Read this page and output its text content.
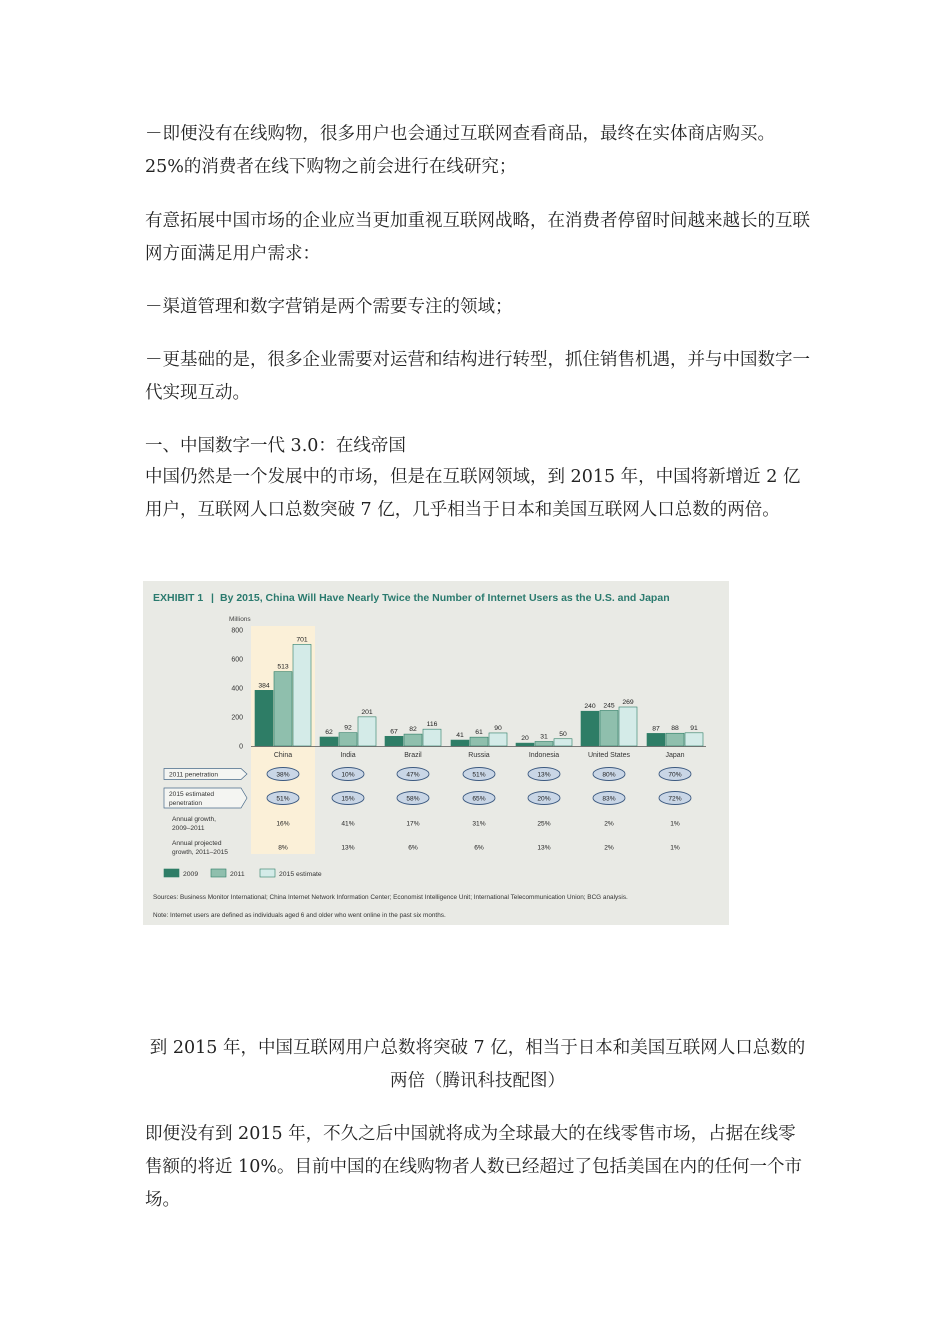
－即便没有在线购物，很多用户也会通过互联网查看商品，最终在实体商店购买。25%的消费者在线下购物之前会进行在线研究；

有意拓展中国市场的企业应当更加重视互联网战略，在消费者停留时间越来越长的互联网方面满足用户需求：

－渠道管理和数字营销是两个需要专注的领域；

－更基础的是，很多企业需要对运营和结构进行转型，抓住销售机遇，并与中国数字一代实现互动。

一、中国数字一代 3.0：在线帝国

中国仍然是一个发展中的市场，但是在互联网领域，到 2015 年，中国将新增近 2 亿用户，互联网人口总数突破 7 亿，几乎相当于日本和美国互联网人口总数的两倍。

EXHIBIT 1 | By 2015, China Will Have Nearly Twice the Number of Internet Users as the U.S. and Japan
Millions
800
600
400
200
0
384
513
701
62
92
201
67 82
116
41 61
90
20 31 50
240 245 269
87 88 91
China	India	Brazil	Russia	Indonesia	United States	Japan
2011 penetration	38%	10%	47%	51%	13%	80%	70%
2015 estimated
penetration
51%	15%	58%	65%	20%	83%	72%
Annual growth,
2009–2011
16%	41%	17%	31%	25%	2%	1%
Annual projected
growth, 2011–2015
8%	13%	6%	6%	13%	2%	1%
2009	2011	2015 estimate
Sources: Business Monitor International; China Internet Network Information Center; Economist Intelligence Unit; International Telecommunication Union; BCG analysis.
Note: Internet users are defined as individuals aged 6 and older who went online in the past six months.

到 2015 年，中国互联网用户总数将突破 7 亿，相当于日本和美国互联网人口总数的两倍（腾讯科技配图）

即便没有到 2015 年，不久之后中国就将成为全球最大的在线零售市场，占据在线零售额的将近 10%。目前中国的在线购物者人数已经超过了包括美国在内的任何一个市场。
